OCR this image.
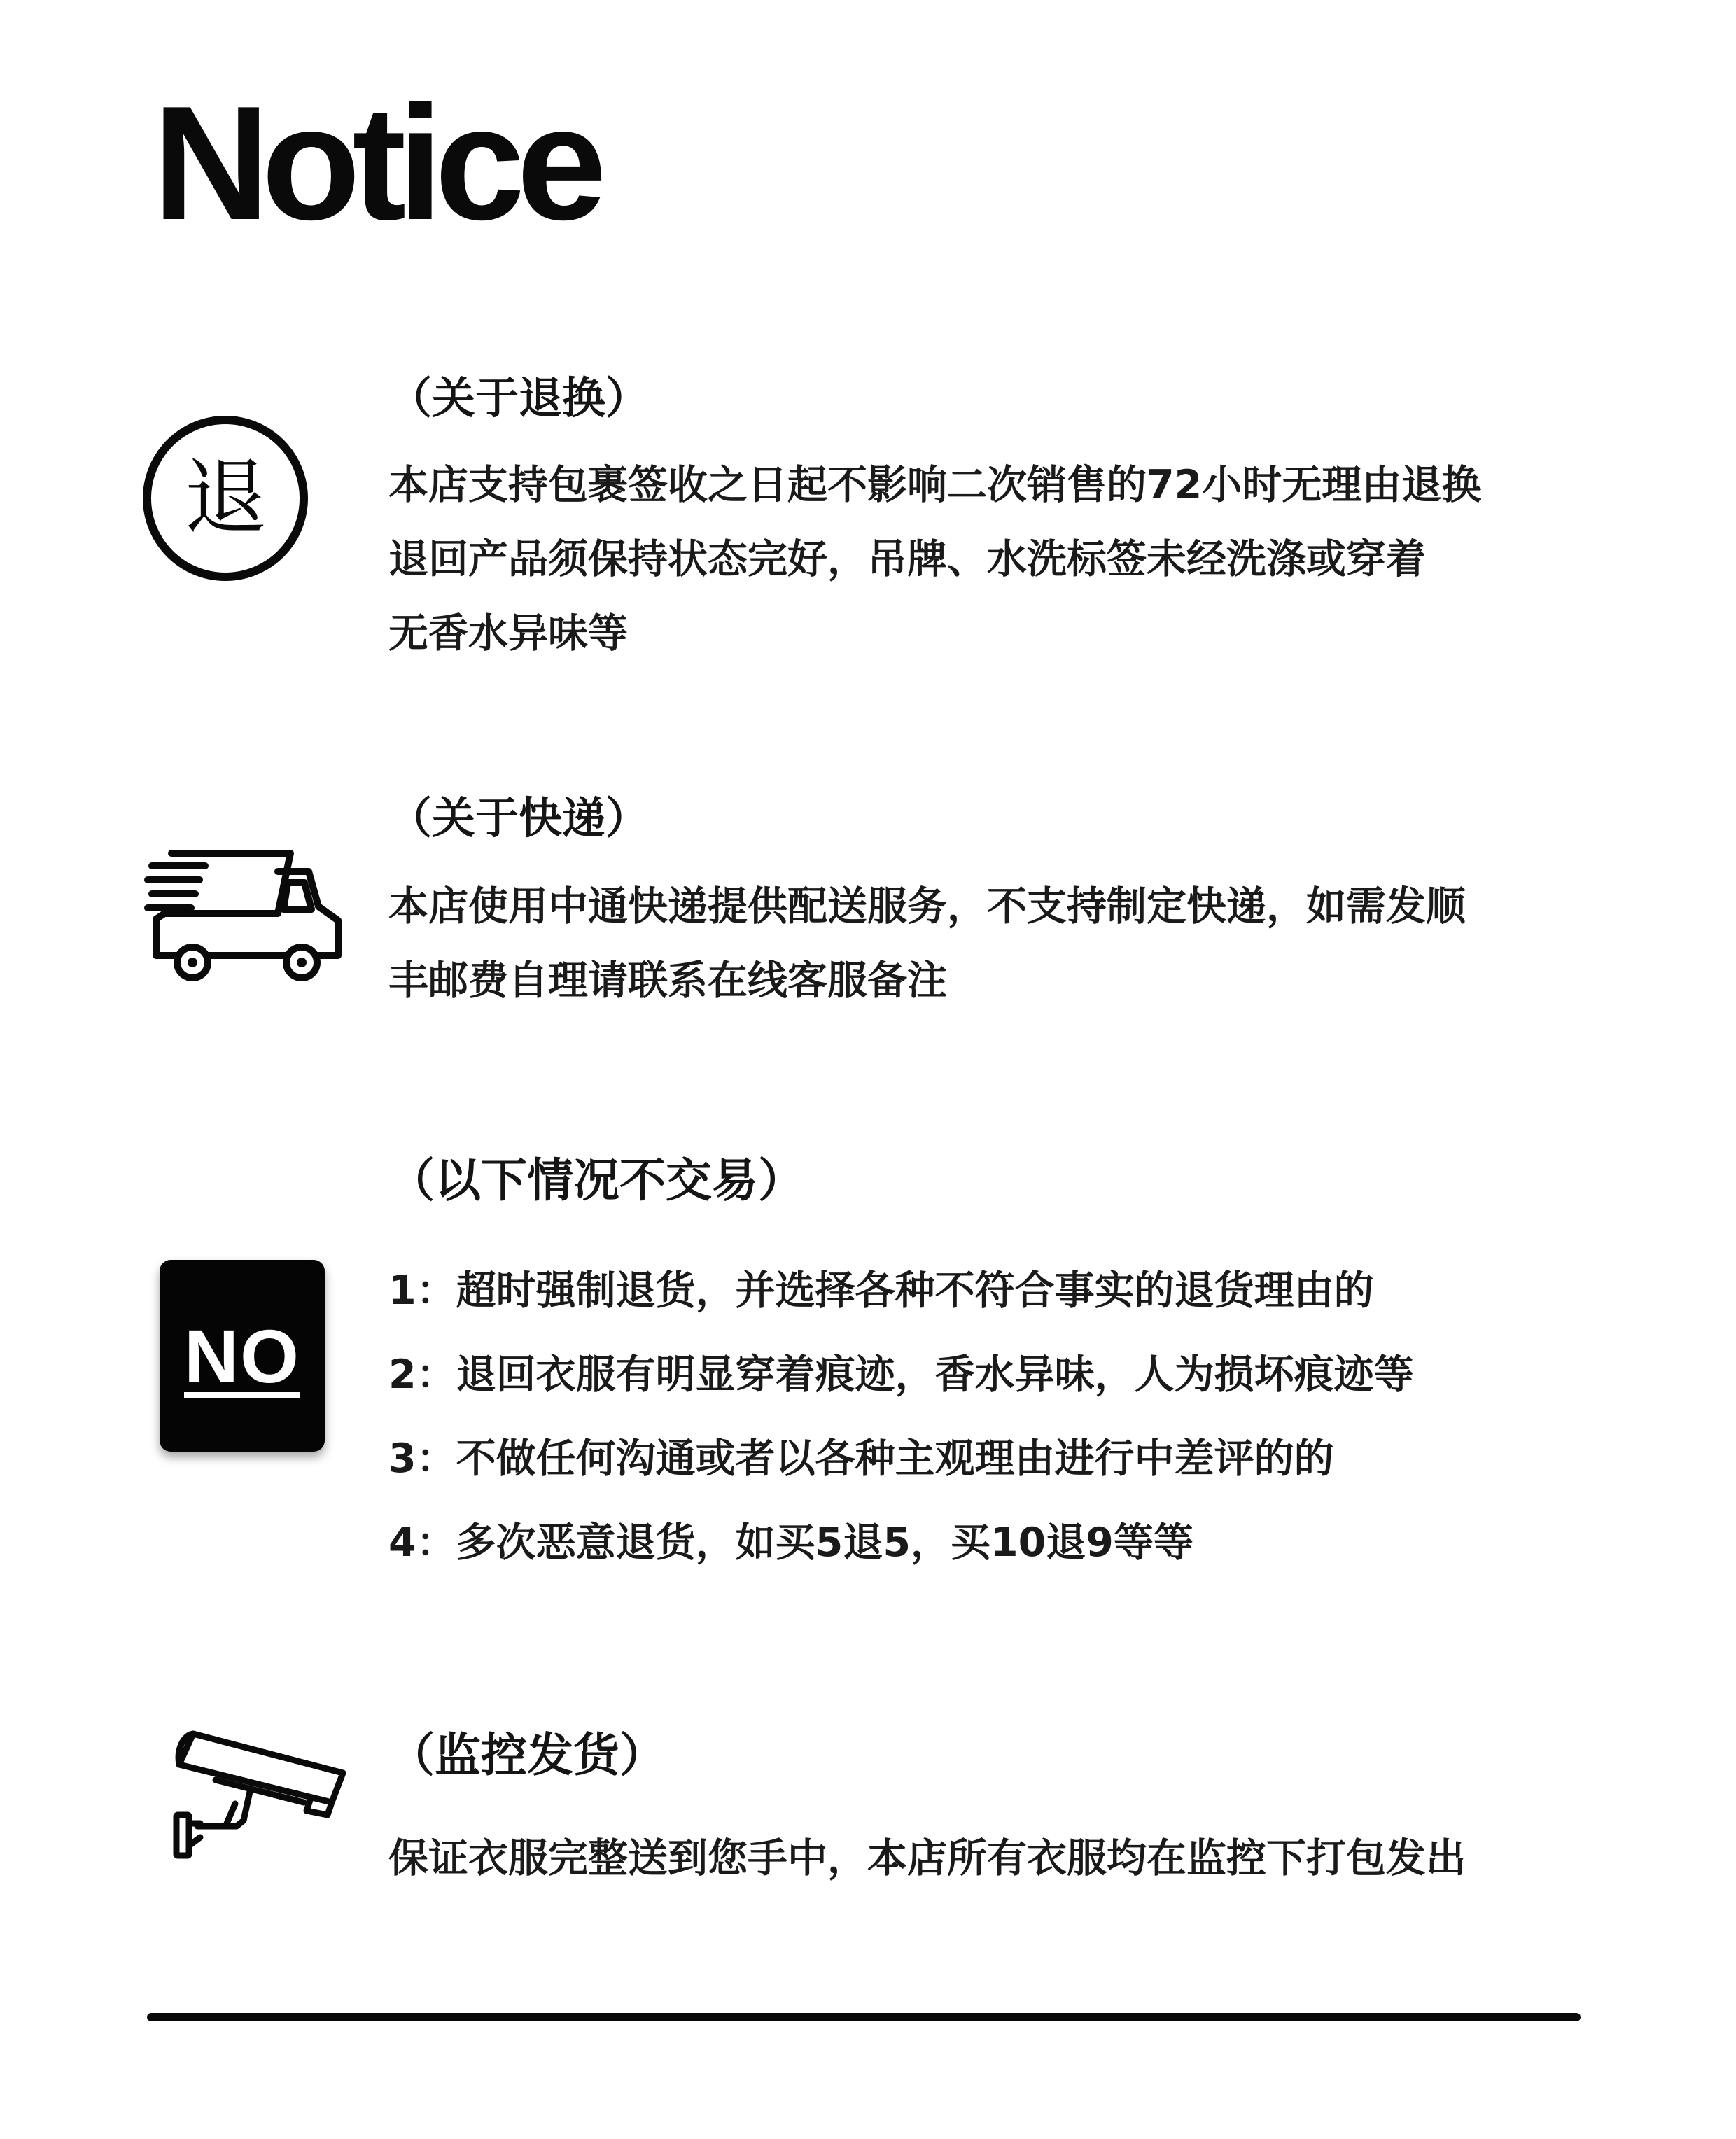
Notice
退
（关于退换）
本店支持包裹签收之日起不影响二次销售的72小时无理由退换
退回产品须保持状态完好，吊牌、水洗标签未经洗涤或穿着
无香水异味等
（关于快递）
本店使用中通快递提供配送服务，不支持制定快递，如需发顺
丰邮费自理请联系在线客服备注
NO
（以下情况不交易）
1：超时强制退货，并选择各种不符合事实的退货理由的
2：退回衣服有明显穿着痕迹，香水异味，人为损坏痕迹等
3：不做任何沟通或者以各种主观理由进行中差评的的
4：多次恶意退货，如买5退5，买10退9等等
（监控发货）
保证衣服完整送到您手中，本店所有衣服均在监控下打包发出
